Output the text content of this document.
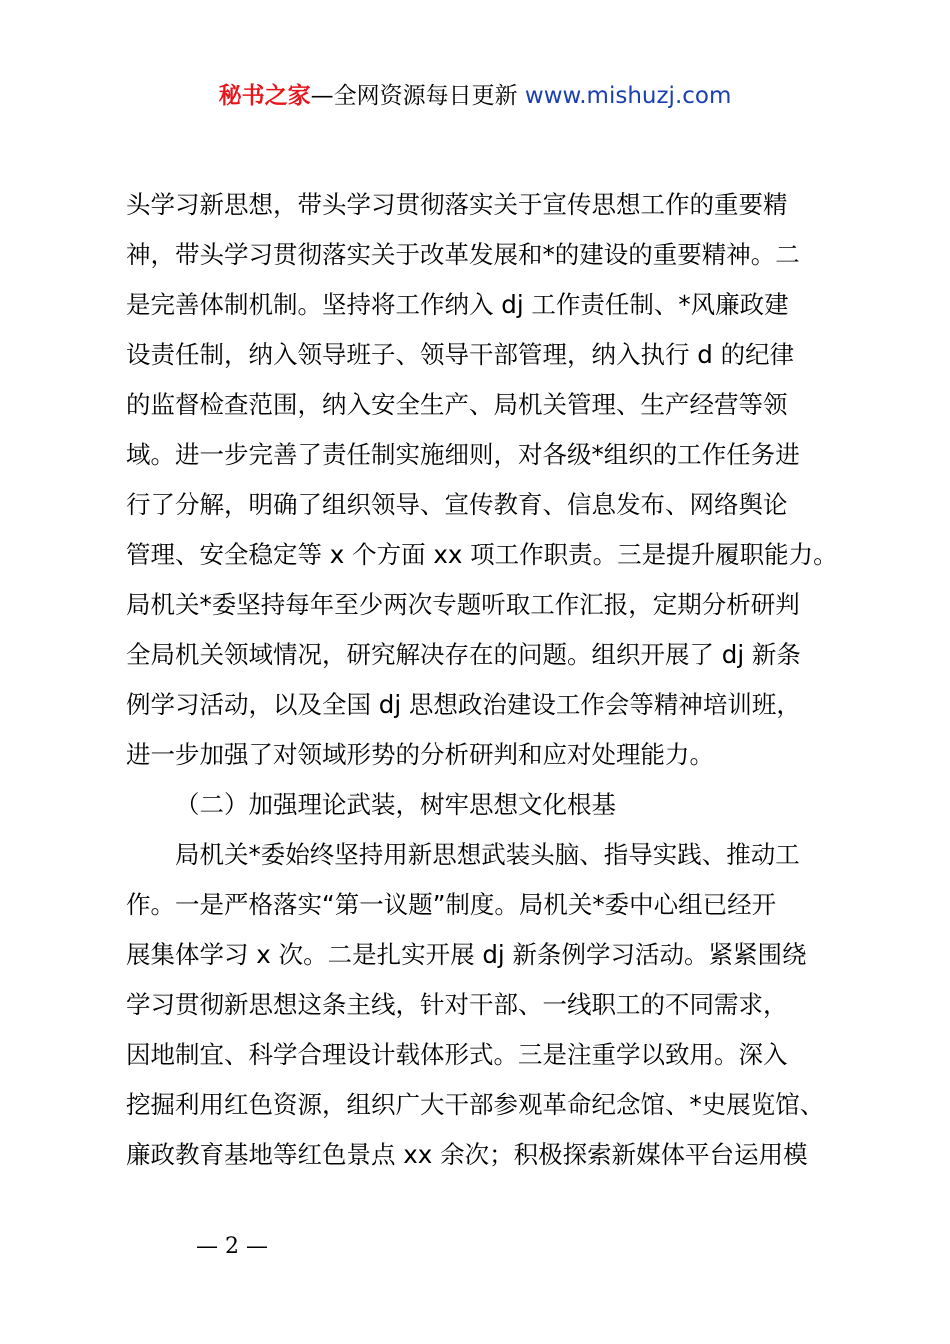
秘书之家—全网资源每日更新 www.mishuzj.com
头学习新思想，带头学习贯彻落实关于宣传思想工作的重要精
神，带头学习贯彻落实关于改革发展和*的建设的重要精神。二
是完善体制机制。坚持将工作纳入 dj 工作责任制、*风廉政建
设责任制，纳入领导班子、领导干部管理，纳入执行 d 的纪律
的监督检查范围，纳入安全生产、局机关管理、生产经营等领
域。进一步完善了责任制实施细则，对各级*组织的工作任务进
行了分解，明确了组织领导、宣传教育、信息发布、网络舆论
管理、安全稳定等 x 个方面 xx 项工作职责。三是提升履职能力。
局机关*委坚持每年至少两次专题听取工作汇报，定期分析研判
全局机关领域情况，研究解决存在的问题。组织开展了 dj 新条
例学习活动，以及全国 dj 思想政治建设工作会等精神培训班，
进一步加强了对领域形势的分析研判和应对处理能力。
（二）加强理论武装，树牢思想文化根基
局机关*委始终坚持用新思想武装头脑、指导实践、推动工
作。一是严格落实“第一议题”制度。局机关*委中心组已经开
展集体学习 x 次。二是扎实开展 dj 新条例学习活动。紧紧围绕
学习贯彻新思想这条主线，针对干部、一线职工的不同需求，
因地制宜、科学合理设计载体形式。三是注重学以致用。深入
挖掘利用红色资源，组织广大干部参观革命纪念馆、*史展览馆、
廉政教育基地等红色景点 xx 余次；积极探索新媒体平台运用模
— 2 —
